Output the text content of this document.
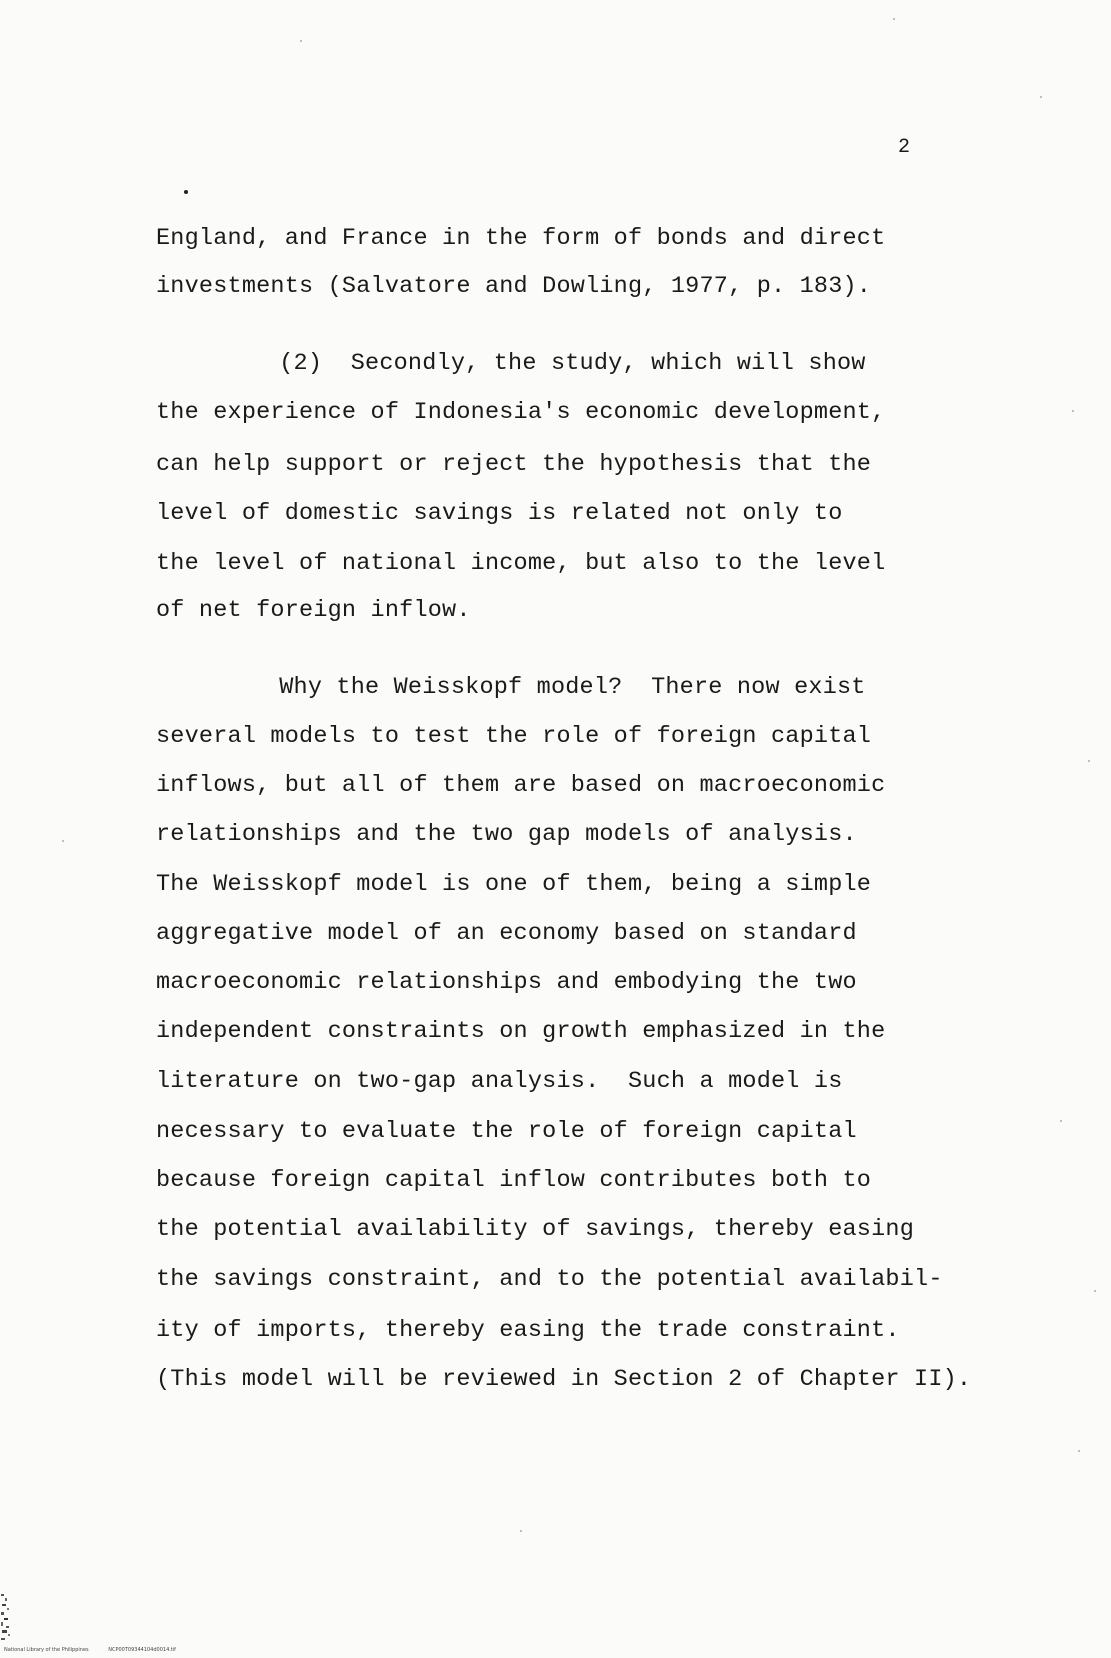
2

England, and France in the form of bonds and direct

investments (Salvatore and Dowling, 1977, p. 183).

(2)  Secondly, the study, which will show

the experience of Indonesia's economic development,

can help support or reject the hypothesis that the

level of domestic savings is related not only to

the level of national income, but also to the level

of net foreign inflow.

Why the Weisskopf model?  There now exist

several models to test the role of foreign capital

inflows, but all of them are based on macroeconomic

relationships and the two gap models of analysis.

The Weisskopf model is one of them, being a simple

aggregative model of an economy based on standard

macroeconomic relationships and embodying the two

independent constraints on growth emphasized in the

literature on two-gap analysis.  Such a model is

necessary to evaluate the role of foreign capital

because foreign capital inflow contributes both to

the potential availability of savings, thereby easing

the savings constraint, and to the potential availabil-

ity of imports, thereby easing the trade constraint.

(This model will be reviewed in Section 2 of Chapter II).

National Library of the Philippines	NCP00T09344104d0014.tif
